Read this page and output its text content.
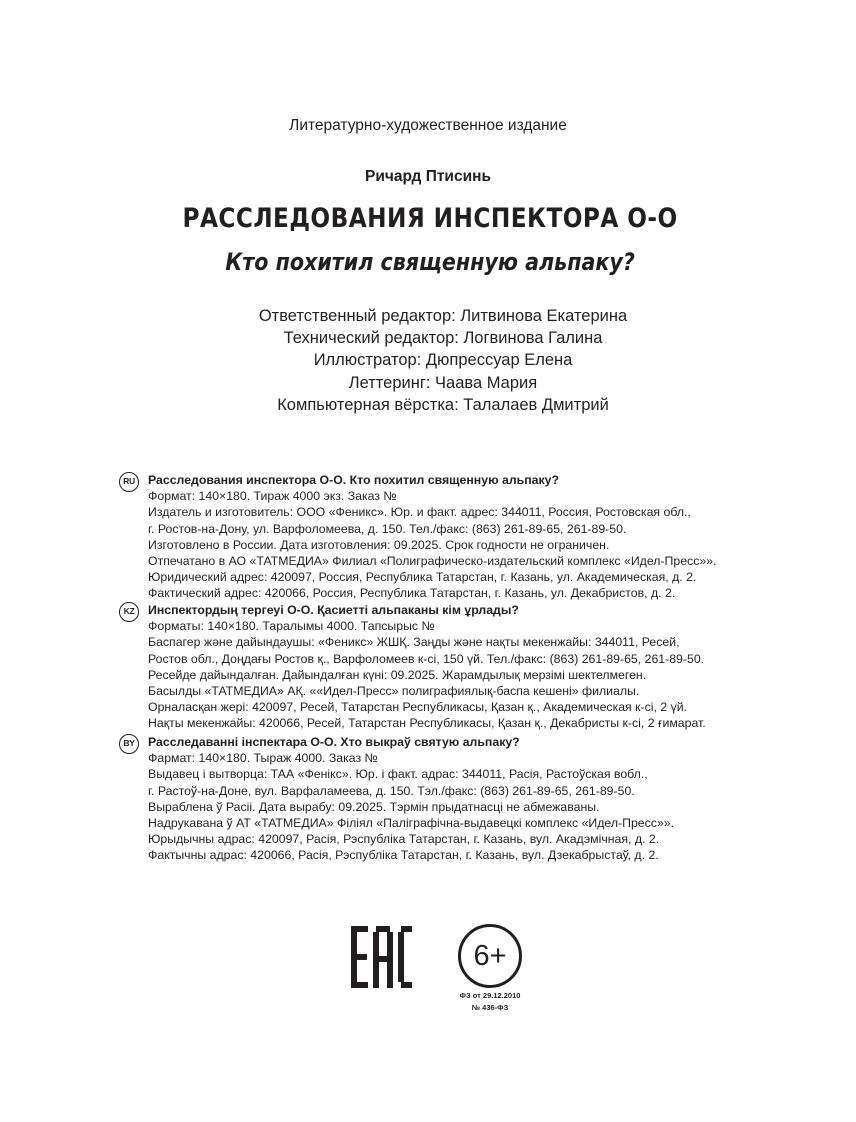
Литературно-художественное издание
Ричард Птисинь
РАССЛЕДОВАНИЯ ИНСПЕКТОРА О-О
Кто похитил священную альпаку?
Ответственный редактор: Литвинова Екатерина
Технический редактор: Логвинова Галина
Иллюстратор: Дюпрессуар Елена
Леттеринг: Чаава Мария
Компьютерная вёрстка: Талалаев Дмитрий
RU	Расследования инспектора О-О. Кто похитил священную альпаку?
Формат: 140×180. Тираж 4000 экз. Заказ №
Издатель и изготовитель: ООО «Феникс». Юр. и факт. адрес: 344011, Россия, Ростовская обл.,
г. Ростов-на-Дону, ул. Варфоломеева, д. 150. Тел./факс: (863) 261-89-65, 261-89-50.
Изготовлено в России. Дата изготовления: 09.2025. Срок годности не ограничен.
Отпечатано в АО «ТАТМЕДИА» Филиал «Полиграфическо-издательский комплекс «Идел-Пресс»».
Юридический адрес: 420097, Россия, Республика Татарстан, г. Казань, ул. Академическая, д. 2.
Фактический адрес: 420066, Россия, Республика Татарстан, г. Казань, ул. Декабристов, д. 2.
KZ	Инспектордың тергеуі О-О. Қасиетті альпаканы кім ұрлады?
Форматы: 140×180. Таралымы 4000. Тапсырыс №
Баспагер және дайындаушы: «Феникс» ЖШҚ. Заңды және нақты мекенжайы: 344011, Ресей,
Ростов обл., Доңдағы Ростов қ., Варфоломеев к-сі, 150 үй. Тел./факс: (863) 261-89-65, 261-89-50.
Ресейде дайындалған. Дайындалған күні: 09.2025. Жарамдылық мерзімі шектелмеген.
Басылды «ТАТМЕДИА» АҚ. ««Идел-Пресс» полиграфиялық-баспа кешені» филиалы.
Орналасқан жері: 420097, Ресей, Татарстан Республикасы, Қазан қ., Академическая к-сі, 2 үй.
Нақты мекенжайы: 420066, Ресей, Татарстан Республикасы, Қазан қ., Декабристы к-сі, 2 ғимарат.
BY	Расследаванні інспектара О-О. Хто выкраў святую альпаку?
Фармат: 140×180. Тыраж 4000. Заказ №
Выдавец і вытворца: ТАА «Фенікс». Юр. і факт. адрас: 344011, Расія, Растоўская вобл.,
г. Растоў-на-Доне, вул. Варфаламеева, д. 150. Тэл./факс: (863) 261-89-65, 261-89-50.
Выраблена ў Расіі. Дата вырабу: 09.2025. Тэрмін прыдатнасці не абмежаваны.
Надрукавана ў АТ «ТАТМЕДИА» Філіял «Паліграфічна-выдавецкі комплекс «Идел-Пресс»».
Юрыдычны адрас: 420097, Расія, Рэспубліка Татарстан, г. Казань, вул. Акадэмічная, д. 2.
Фактычны адрас: 420066, Расія, Рэспубліка Татарстан, г. Казань, вул. Дзекабрыстаў, д. 2.
6+
ФЗ от 29.12.2010
№ 436-ФЗ
